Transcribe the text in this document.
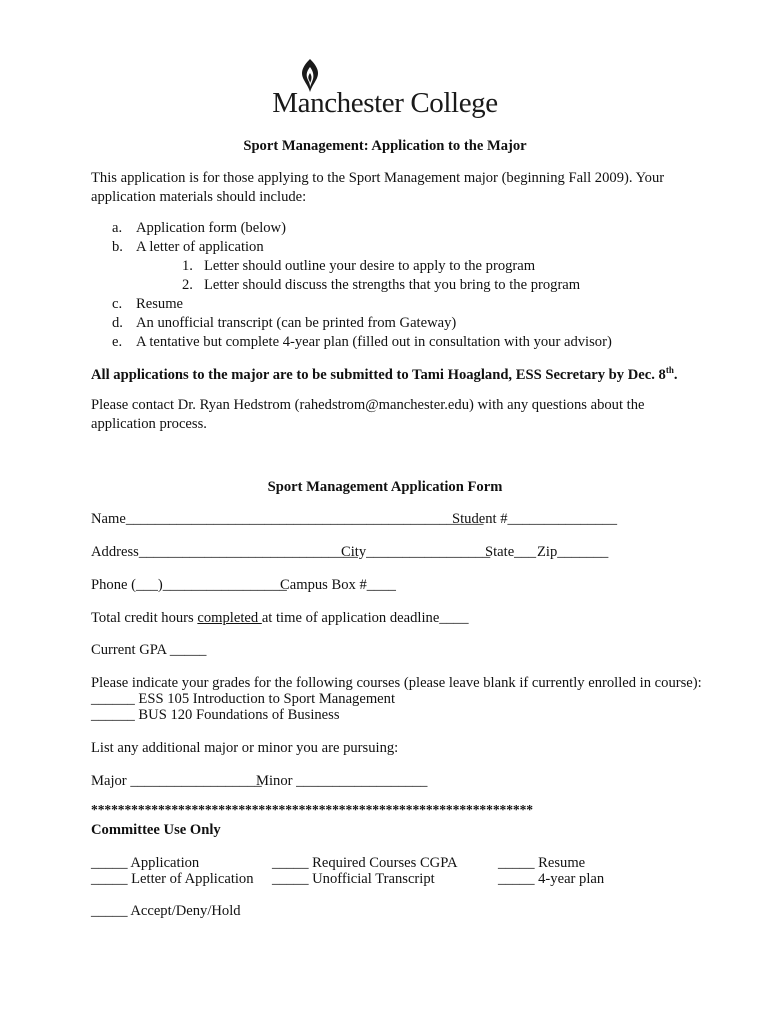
Manchester College
Sport Management: Application to the Major
This application is for those applying to the Sport Management major (beginning Fall 2009). Your
application materials should include:
a. Application form (below)
b. A letter of application
1. Letter should outline your desire to apply to the program
2. Letter should discuss the strengths that you bring to the program
c. Resume
d. An unofficial transcript (can be printed from Gateway)
e. A tentative but complete 4-year plan (filled out in consultation with your advisor)
All applications to the major are to be submitted to Tami Hoagland, ESS Secretary by Dec. 8th.
Please contact Dr. Ryan Hedstrom (rahedstrom@manchester.edu) with any questions about the
application process.
Sport Management Application Form
Name_________________________________________________
Student #_______________
Address______________________________
City_________________
State___ Zip_______
Phone (___)_________________
Campus Box #____
Total credit hours completed at time of application deadline____
Current GPA _____
Please indicate your grades for the following courses (please leave blank if currently enrolled in course):
______ ESS 105 Introduction to Sport Management
______ BUS 120 Foundations of Business
List any additional major or minor you are pursuing:
Major __________________
Minor __________________
******************************************************************
Committee Use Only
_____ Application	_____ Required Courses CGPA	_____ Resume
_____ Letter of Application _____ Unofficial Transcript	_____ 4-year plan
_____ Accept/Deny/Hold
